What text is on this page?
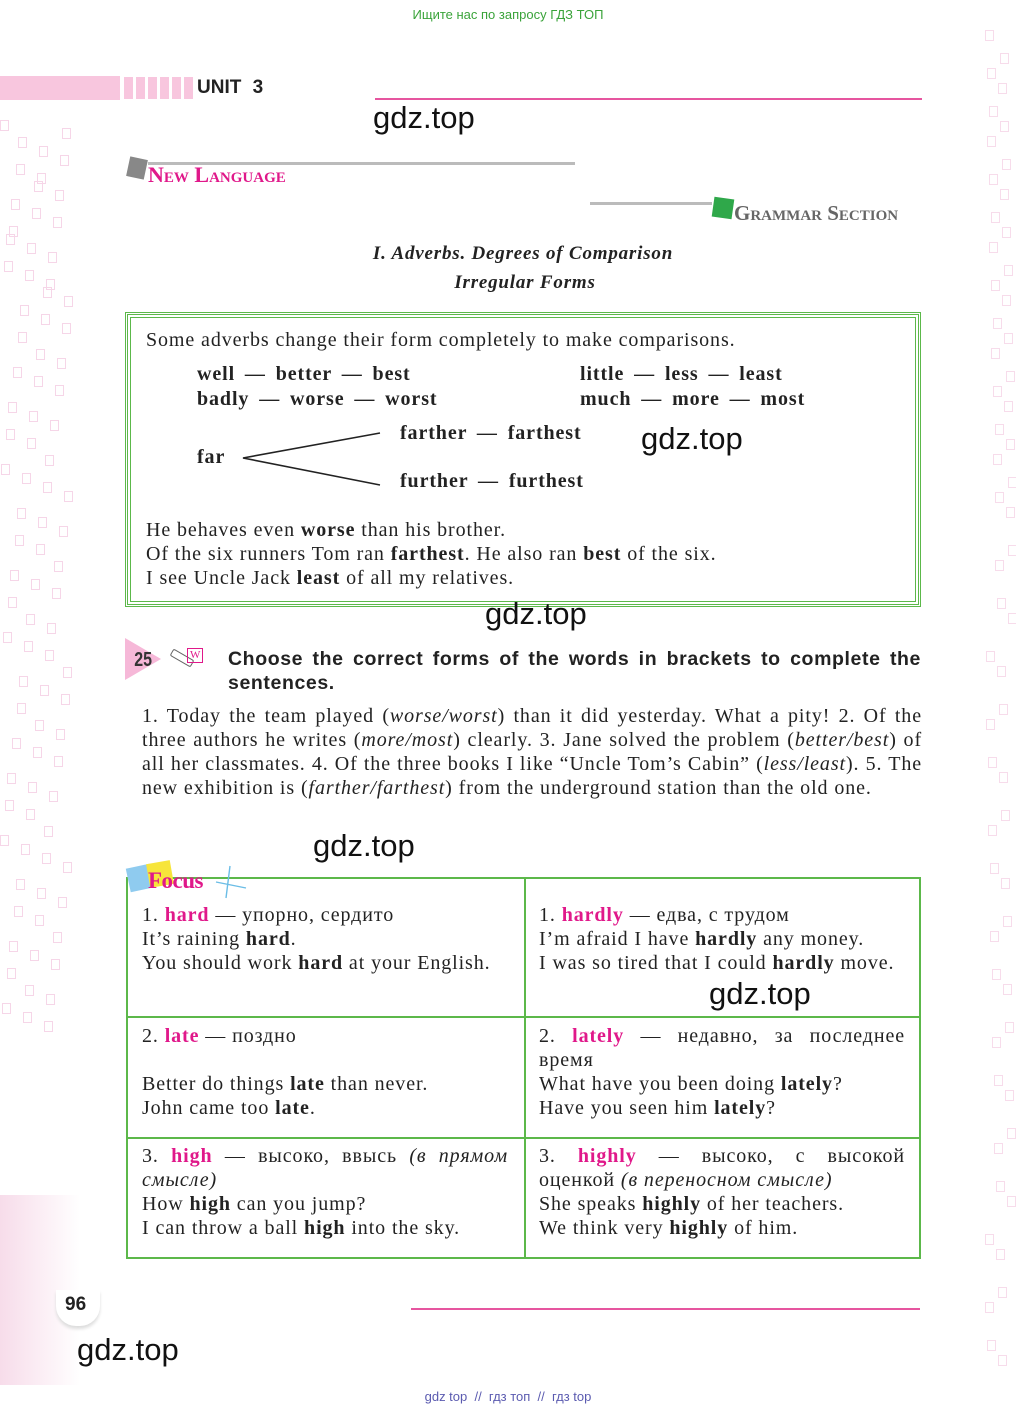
Ищите нас по запросу ГДЗ ТОП
UNIT 3
gdz.top
New Language
Grammar Section
I. Adverbs. Degrees of Comparison
Irregular Forms
Some adverbs change their form completely to make comparisons.
well — better — best
badly — worse — worst
little — less — least
much — more — most
far
farther — farthest
further — furthest
gdz.top
He behaves even worse than his brother.
Of the six runners Tom ran farthest. He also ran best of the six.
I see Uncle Jack least of all my relatives.
gdz.top
25	W Choose the correct forms of the words in brackets to complete the sentences.
1. Today the team played (worse/worst) than it did yesterday. What a pity! 2. Of the three authors he writes (more/most) clearly. 3. Jane solved the problem (better/best) of all her classmates. 4. Of the three books I like “Uncle Tom’s Cabin” (less/least). 5. The new exhibition is (farther/farthest) from the underground station than the old one.
gdz.top
Focus
1. hard — упорно, сердито
It’s raining hard.
You should work hard at your English.
1. hardly — едва, с трудом
I’m afraid I have hardly any money.
I was so tired that I could hardly move.
2. late — поздно

Better do things late than never.
John came too late.
2. lately — недавно, за последнее время
What have you been doing lately?
Have you seen him lately?
3. high — высоко, ввысь (в прямом смысле)
How high can you jump?
I can throw a ball high into the sky.
3. highly — высоко, с высокой оценкой (в переносном смысле)
She speaks highly of her teachers.
We think very highly of him.
gdz.top
96
gdz.top
gdz top  //  гдз топ  //  гдз top
